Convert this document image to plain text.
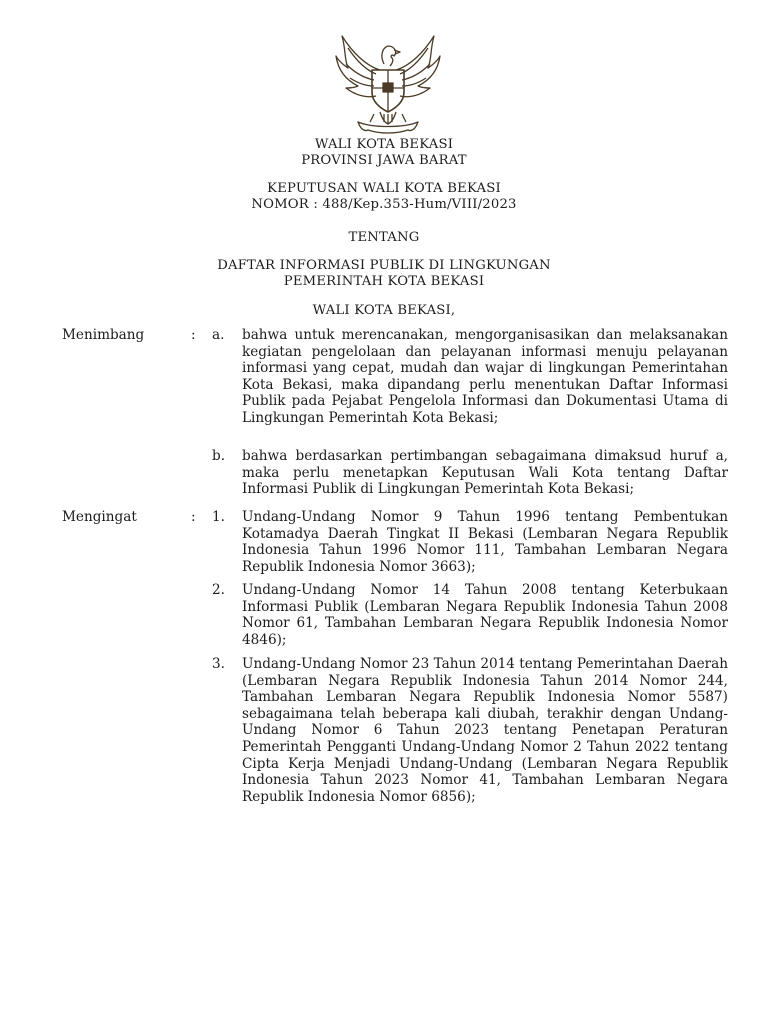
WALI KOTA BEKASI
PROVINSI JAWA BARAT
KEPUTUSAN WALI KOTA BEKASI
NOMOR : 488/Kep.353-Hum/VIII/2023
TENTANG
DAFTAR INFORMASI PUBLIK DI LINGKUNGAN
PEMERINTAH KOTA BEKASI
WALI KOTA BEKASI,
Menimbang	: a.	bahwa untuk merencanakan, mengorganisasikan dan melaksanakan kegiatan pengelolaan dan pelayanan informasi menuju pelayanan informasi yang cepat, mudah dan wajar di lingkungan Pemerintahan Kota Bekasi, maka dipandang perlu menentukan Daftar Informasi Publik pada Pejabat Pengelola Informasi dan Dokumentasi Utama di Lingkungan Pemerintah Kota Bekasi;
b.	bahwa berdasarkan pertimbangan sebagaimana dimaksud huruf a, maka perlu menetapkan Keputusan Wali Kota tentang Daftar Informasi Publik di Lingkungan Pemerintah Kota Bekasi;
Mengingat	: 1.	Undang-Undang Nomor 9 Tahun 1996 tentang Pembentukan Kotamadya Daerah Tingkat II Bekasi (Lembaran Negara Republik Indonesia Tahun 1996 Nomor 111, Tambahan Lembaran Negara Republik Indonesia Nomor 3663);
2.	Undang-Undang Nomor 14 Tahun 2008 tentang Keterbukaan Informasi Publik (Lembaran Negara Republik Indonesia Tahun 2008 Nomor 61, Tambahan Lembaran Negara Republik Indonesia Nomor 4846);
3.	Undang-Undang Nomor 23 Tahun 2014 tentang Pemerintahan Daerah (Lembaran Negara Republik Indonesia Tahun 2014 Nomor 244, Tambahan Lembaran Negara Republik Indonesia Nomor 5587) sebagaimana telah beberapa kali diubah, terakhir dengan Undang-Undang Nomor 6 Tahun 2023 tentang Penetapan Peraturan Pemerintah Pengganti Undang-Undang Nomor 2 Tahun 2022 tentang Cipta Kerja Menjadi Undang-Undang (Lembaran Negara Republik Indonesia Tahun 2023 Nomor 41, Tambahan Lembaran Negara Republik Indonesia Nomor 6856);
